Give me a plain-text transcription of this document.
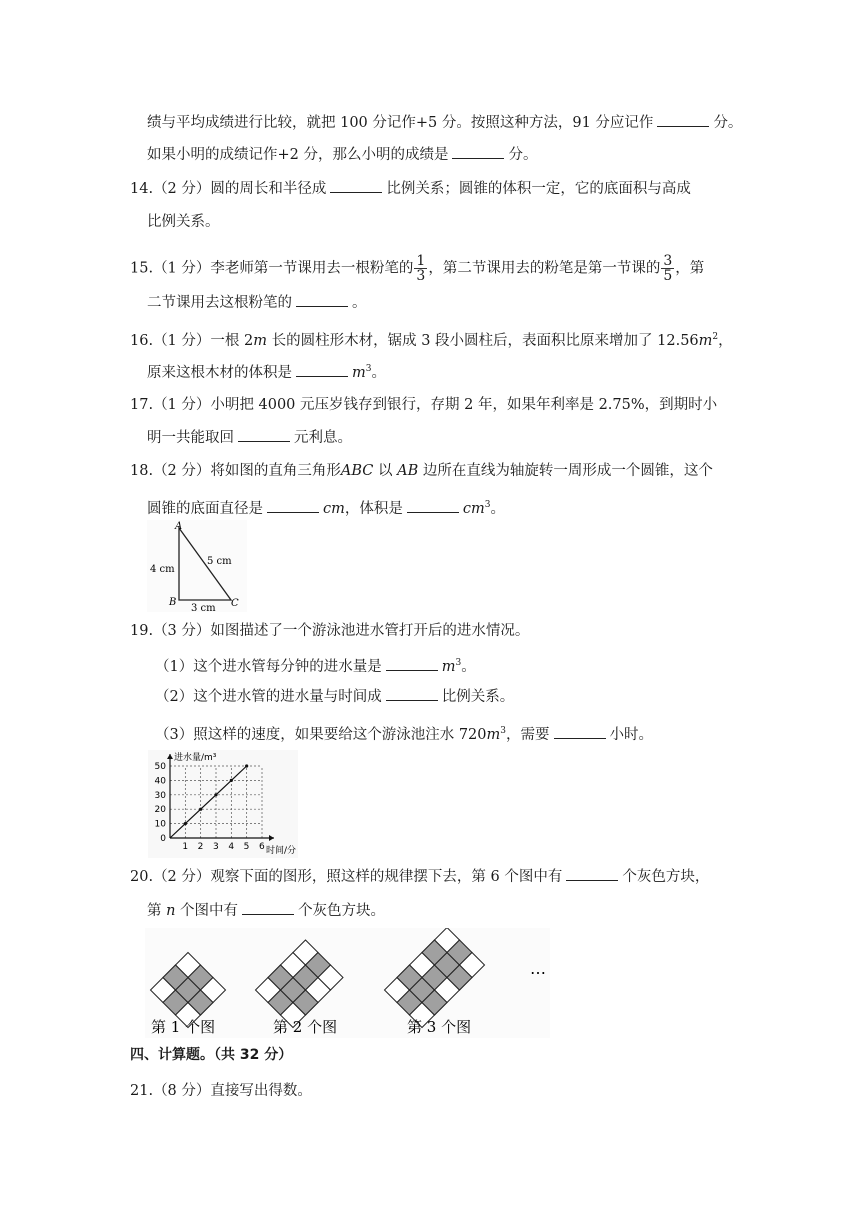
绩与平均成绩进行比较，就把 100 分记作+5 分。按照这种方法，91 分应记作	分。
如果小明的成绩记作+2 分，那么小明的成绩是	分。
14.（2 分）圆的周长和半径成	比例关系；圆锥的体积一定，它的底面积与高成
比例关系。
15.（1 分）李老师第一节课用去一根粉笔的 $\frac{1}{3}$ ，第二节课用去的粉笔是第一节课的 $\frac{3}{5}$ ，第
二节课用去这根粉笔的	。
16.（1 分）一根 2m 长的圆柱形木材，锯成 3 段小圆柱后，表面积比原来增加了 $12.56m^2$，
原来这根木材的体积是	$m^3$。
17.（1 分）小明把 4000 元压岁钱存到银行，存期 2 年，如果年利率是 2.75%，到期时小
明一共能取回	元利息。
18.（2 分）将如图的直角三角形ABC 以 AB 边所在直线为轴旋转一周形成一个圆锥，这个
圆锥的底面直径是	cm，体积是	$cm^3$。
A
B	C
4 cm
5 cm
3 cm
19.（3 分）如图描述了一个游泳池进水管打开后的进水情况。
（1）这个进水管每分钟的进水量是	$m^3$。
（2）这个进水管的进水量与时间成	比例关系。
（3）照这样的速度，如果要给这个游泳池注水 $720m^3$，需要	小时。
1 2 3 4 5 6
0
10
20
30
40
50
进水量/m³
时间/分
20.（2 分）观察下面的图形，照这样的规律摆下去，第 6 个图中有	个灰色方块，
第 n 个图中有	个灰色方块。
第 1 个图	第 2 个图	第 3 个图
…
四、计算题。（共 32 分）
21.（8 分）直接写出得数。
